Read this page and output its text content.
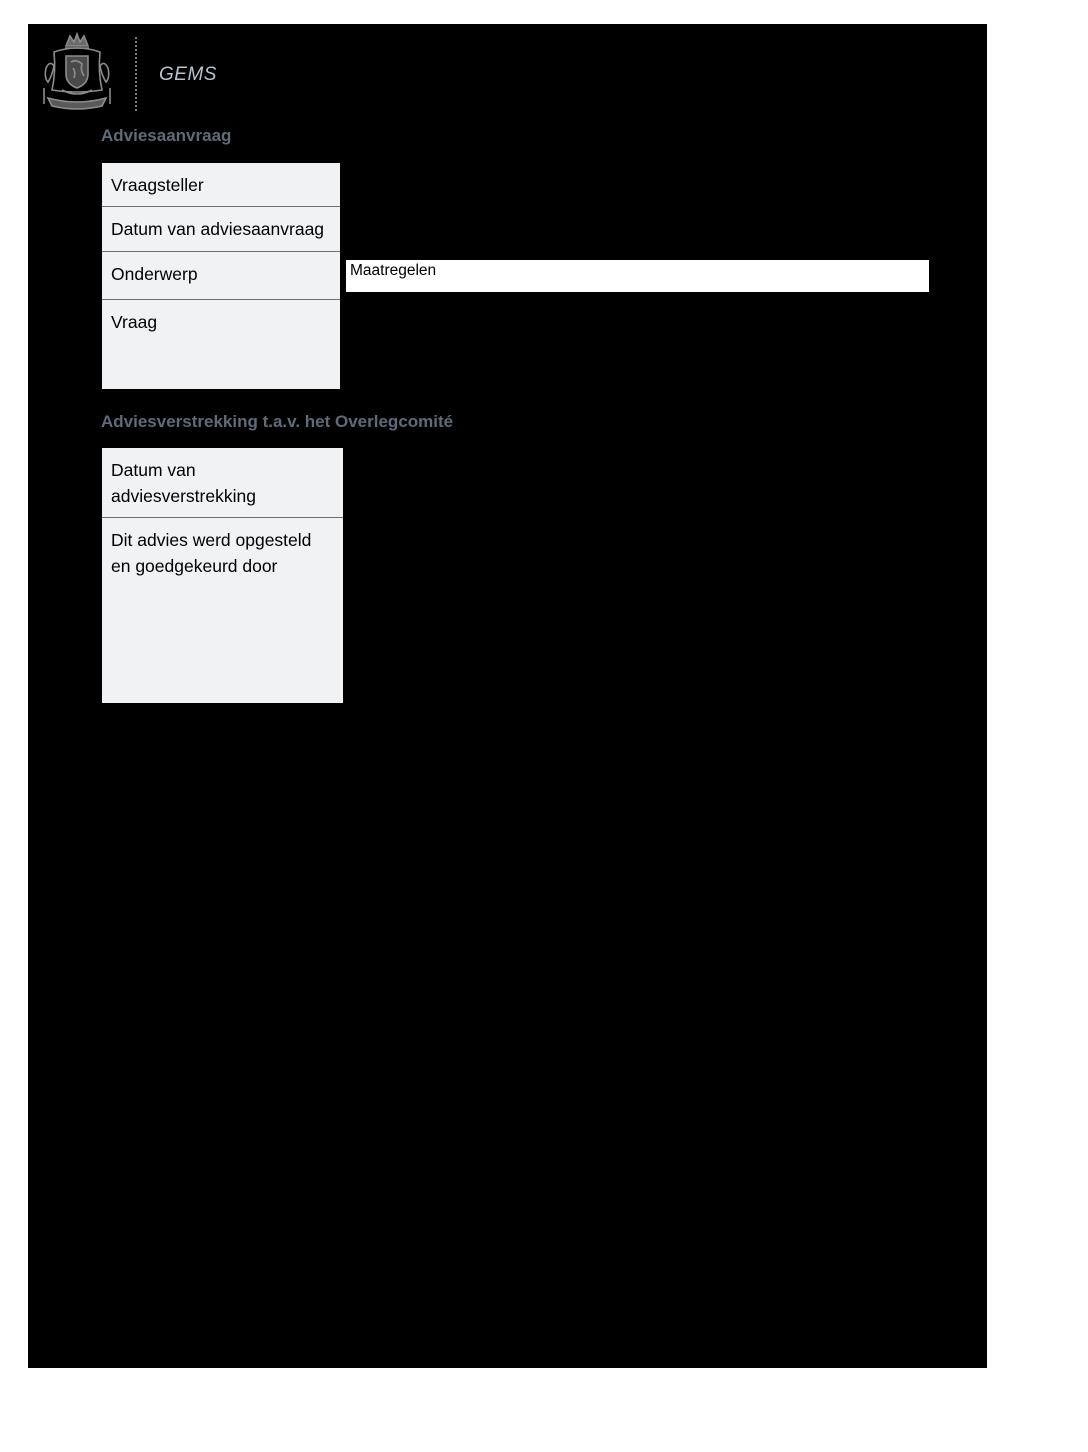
GEMS
Adviesaanvraag
Vraagsteller
Datum van adviesaanvraag
Onderwerp
Vraag
Maatregelen
Adviesverstrekking t.a.v. het Overlegcomité
Datum van adviesverstrekking
Dit advies werd opgesteld en goedgekeurd door
